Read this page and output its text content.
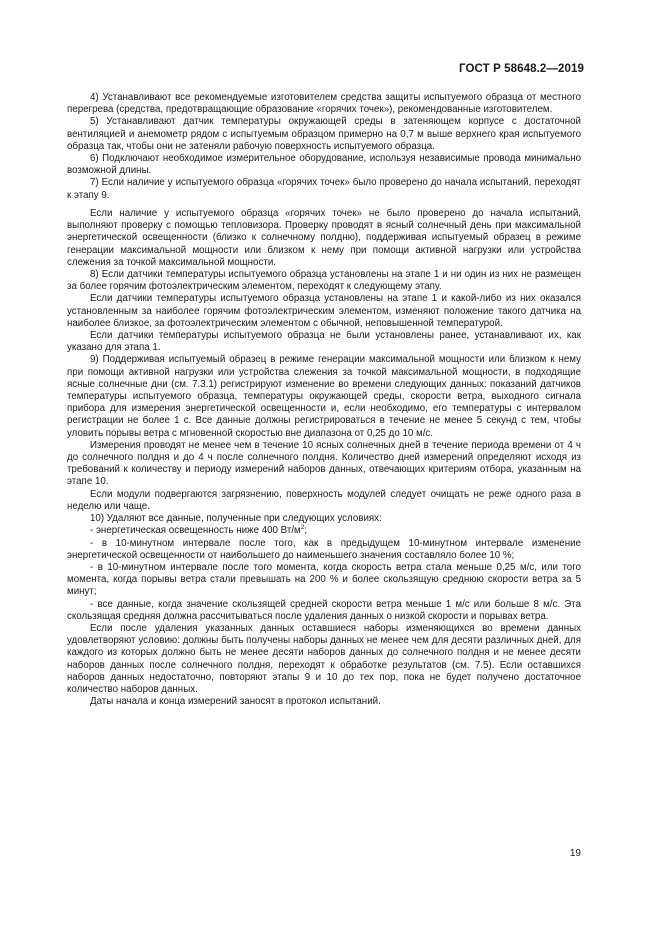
ГОСТ Р 58648.2—2019

4) Устанавливают все рекомендуемые изготовителем средства защиты испытуемого образца от местного перегрева (средства, предотвращающие образование «горячих точек»), рекомендованные изготовителем.

5) Устанавливают датчик температуры окружающей среды в затеняющем корпусе с достаточной вентиляцией и анемометр рядом с испытуемым образцом примерно на 0,7 м выше верхнего края испытуемого образца так, чтобы они не затеняли рабочую поверхность испытуемого образца.

6) Подключают необходимое измерительное оборудование, используя независимые провода минимально возможной длины.

7) Если наличие у испытуемого образца «горячих точек» было проверено до начала испытаний, переходят к этапу 9.

Если наличие у испытуемого образца «горячих точек» не было проверено до начала испытаний, выполняют проверку с помощью тепловизора. Проверку проводят в ясный солнечный день при максимальной энергетической освещенности (близко к солнечному полдню), поддерживая испытуемый образец в режиме генерации максимальной мощности или близком к нему при помощи активной нагрузки или устройства слежения за точкой максимальной мощности.

8) Если датчики температуры испытуемого образца установлены на этапе 1 и ни один из них не размещен за более горячим фотоэлектрическим элементом, переходят к следующему этапу.

Если датчики температуры испытуемого образца установлены на этапе 1 и какой-либо из них оказался установленным за наиболее горячим фотоэлектрическим элементом, изменяют положение такого датчика на наиболее близкое, за фотоэлектрическим элементом с обычной, неповышенной температурой.

Если датчики температуры испытуемого образца не были установлены ранее, устанавливают их, как указано для этапа 1.

9) Поддерживая испытуемый образец в режиме генерации максимальной мощности или близком к нему при помощи активной нагрузки или устройства слежения за точкой максимальной мощности, в подходящие ясные солнечные дни (см. 7.3.1) регистрируют изменение во времени следующих данных: показаний датчиков температуры испытуемого образца, температуры окружающей среды, скорости ветра, выходного сигнала прибора для измерения энергетической освещенности и, если необходимо, его температуры с интервалом регистрации не более 1 с. Все данные должны регистрироваться в течение не менее 5 секунд с тем, чтобы уловить порывы ветра с мгновенной скоростью вне диапазона от 0,25 до 10 м/с.

Измерения проводят не менее чем в течение 10 ясных солнечных дней в течение периода времени от 4 ч до солнечного полдня и до 4 ч после солнечного полдня. Количество дней измерений определяют исходя из требований к количеству и периоду измерений наборов данных, отвечающих критериям отбора, указанным на этапе 10.

Если модули подвергаются загрязнению, поверхность модулей следует очищать не реже одного раза в неделю или чаще.

10) Удаляют все данные, полученные при следующих условиях:

- энергетическая освещенность ниже 400 $Вт/м^2$;

- в 10-минутном интервале после того, как в предыдущем 10-минутном интервале изменение энергетической освещенности от наибольшего до наименьшего значения составляло более 10 %;

- в 10-минутном интервале после того момента, когда скорость ветра стала меньше 0,25 м/с, или того момента, когда порывы ветра стали превышать на 200 % и более скользящую среднюю скорости ветра за 5 минут;

- все данные, когда значение скользящей средней скорости ветра меньше 1 м/с или больше 8 м/с. Эта скользящая средняя должна рассчитываться после удаления данных о низкой скорости и порывах ветра.

Если после удаления указанных данных оставшиеся наборы изменяющихся во времени данных удовлетворяют условию: должны быть получены наборы данных не менее чем для десяти различных дней, для каждого из которых должно быть не менее десяти наборов данных до солнечного полдня и не менее десяти наборов данных после солнечного полдня, переходят к обработке результатов (см. 7.5). Если оставшихся наборов данных недостаточно, повторяют этапы 9 и 10 до тех пор, пока не будет получено достаточное количество наборов данных.

Даты начала и конца измерений заносят в протокол испытаний.

19
